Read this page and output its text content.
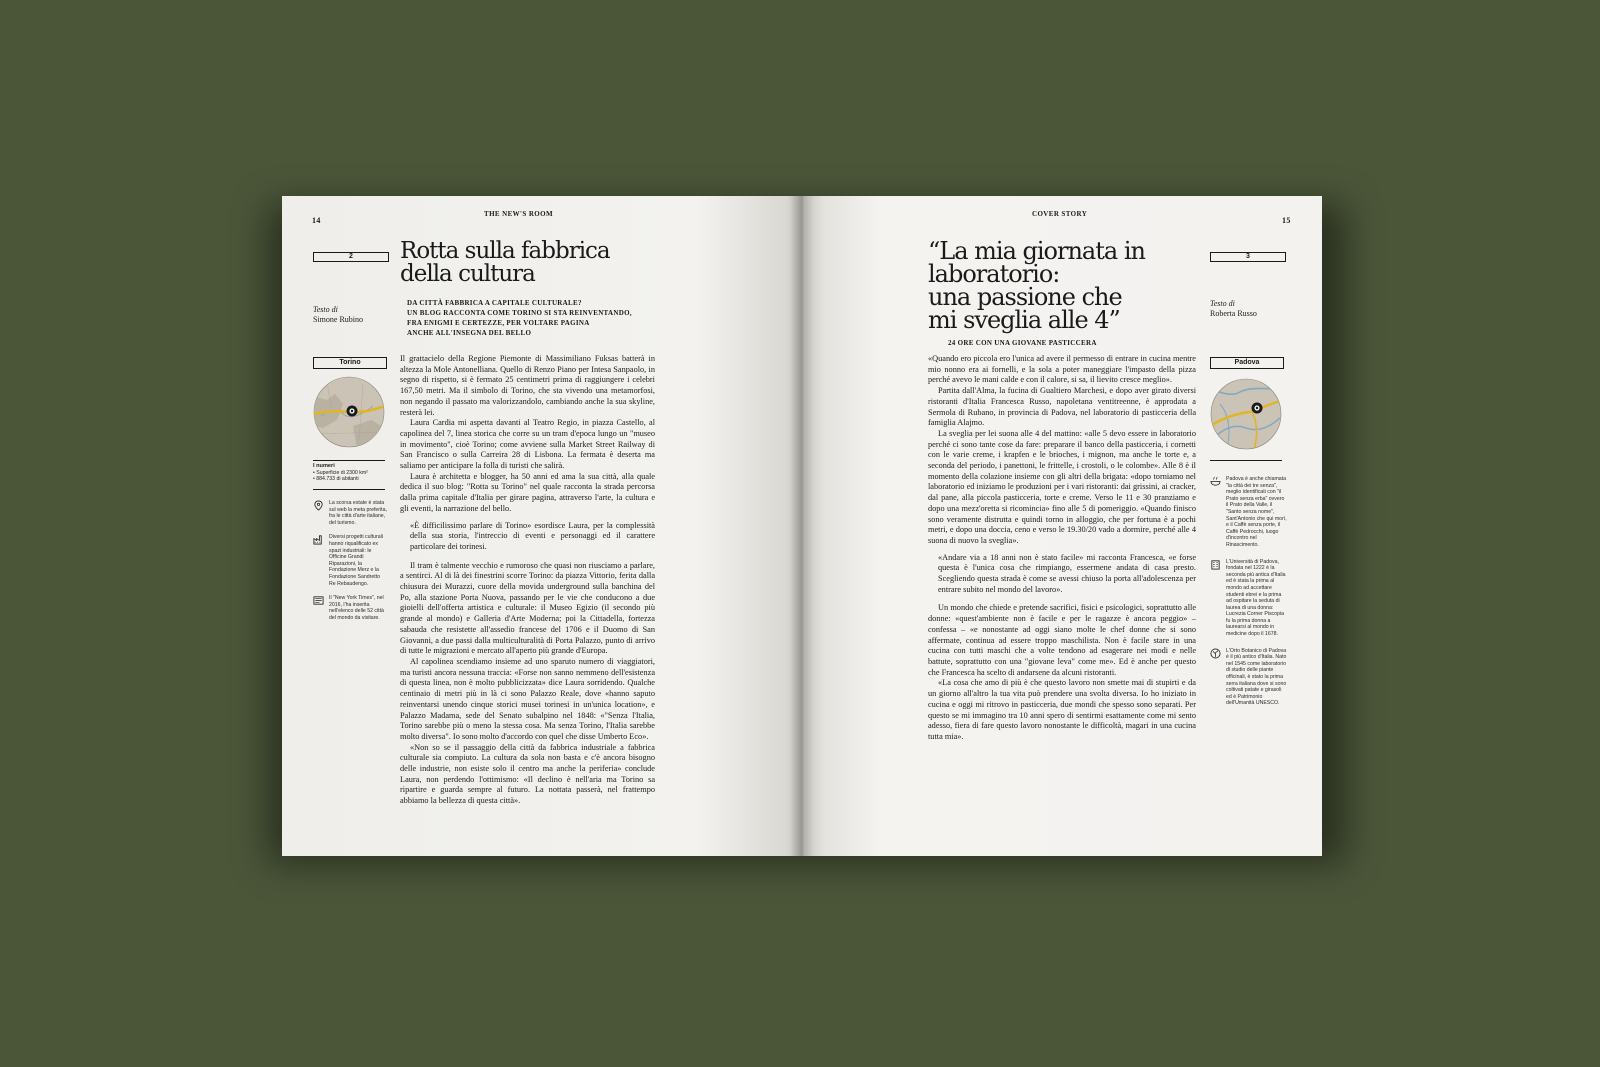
14
THE NEW'S ROOM
2	Rotta sulla fabbrica
della cultura
Testo di
Simone Rubino
DA CITTÀ FABBRICA A CAPITALE CULTURALE?
UN BLOG RACCONTA COME TORINO SI STA REINVENTANDO,
FRA ENIGMI E CERTEZZE, PER VOLTARE PAGINA
ANCHE ALL'INSEGNA DEL BELLO
Torino
I numeri
• Superficie di 2300 km²
• 884.733 di abitanti
La scorsa estate è stata sul web la meta preferita, fra le città d'arte italiane, del turismo.
Diversi progetti culturali hanno riqualificato ex spazi industriali: le Officine Grandi Riparazioni, la Fondazione Merz e la Fondazione Sandretto Re Rebaudengo.
Il "New York Times", nel 2016, l'ha inserita nell'elenco delle 52 città del mondo da visitare.

Il grattacielo della Regione Piemonte di Massimiliano Fuksas batterà in altezza la Mole Antonelliana. Quello di Renzo Piano per Intesa Sanpaolo, in segno di rispetto, si è fermato 25 centimetri prima di raggiungere i celebri 167,50 metri. Ma il simbolo di Torino, che sta vivendo una metamorfosi, non negando il passato ma valorizzandolo, cambiando anche la sua skyline, resterà lei.

Laura Cardia mi aspetta davanti al Teatro Regio, in piazza Castello, al capolinea del 7, linea storica che corre su un tram d'epoca lungo un "museo in movimento", cioè Torino; come avviene sulla Market Street Railway di San Francisco o sulla Carreira 28 di Lisbona. La fermata è deserta ma saliamo per anticipare la folla di turisti che salirà.

Laura è architetta e blogger, ha 50 anni ed ama la sua città, alla quale dedica il suo blog: "Rotta su Torino" nel quale racconta la strada percorsa dalla prima capitale d'Italia per girare pagina, attraverso l'arte, la cultura e gli eventi, la narrazione del bello.

«È difficilissimo parlare di Torino» esordisce Laura, per la complessità della sua storia, l'intreccio di eventi e personaggi ed il carattere particolare dei torinesi.

Il tram è talmente vecchio e rumoroso che quasi non riusciamo a parlare, a sentirci. Al di là dei finestrini scorre Torino: da piazza Vittorio, ferita dalla chiusura dei Murazzi, cuore della movida underground sulla banchina del Po, alla stazione Porta Nuova, passando per le vie che conducono a due gioielli dell'offerta artistica e culturale: il Museo Egizio (il secondo più grande al mondo) e Galleria d'Arte Moderna; poi la Cittadella, fortezza sabauda che resistette all'assedio francese del 1706 e il Duomo di San Giovanni, a due passi dalla multiculturalità di Porta Palazzo, punto di arrivo di tutte le migrazioni e mercato all'aperto più grande d'Europa.

Al capolinea scendiamo insieme ad uno sparuto numero di viaggiatori, ma turisti ancora nessuna traccia: «Forse non sanno nemmeno dell'esistenza di questa linea, non è molto pubblicizzata» dice Laura sorridendo. Qualche centinaio di metri più in là ci sono Palazzo Reale, dove «hanno saputo reinventarsi unendo cinque storici musei torinesi in un'unica location», e Palazzo Madama, sede del Senato subalpino nel 1848: «"Senza l'Italia, Torino sarebbe più o meno la stessa cosa. Ma senza Torino, l'Italia sarebbe molto diversa". Io sono molto d'accordo con quel che disse Umberto Eco».

«Non so se il passaggio della città da fabbrica industriale a fabbrica culturale sia compiuto. La cultura da sola non basta e c'è ancora bisogno delle industrie, non esiste solo il centro ma anche la periferia» conclude Laura, non perdendo l'ottimismo: «Il declino è nell'aria ma Torino sa ripartire e guarda sempre al futuro. La nottata passerà, nel frattempo abbiamo la bellezza di questa città».

COVER STORY
15
3
“La mia giornata in
laboratorio:
una passione che
mi sveglia alle 4”
24 ORE CON UNA GIOVANE PASTICCERA
Testo di
Roberta Russo
Padova
Padova è anche chiamata "la città dei tre senza", meglio identificati con "il Prato senza erba" ovvero il Prato della Valle, il "Santo senza nome", Sant'Antonio che qui morì, e il Caffè senza porte, il Caffè Pedrocchi, luogo d'incontro nel Rinascimento.
L'Università di Padova, fondata nel 1222 è la seconda più antica d'Italia ed è stata la prima al mondo ad accettare studenti ebrei e la prima ad ospitare la seduta di laurea di una donna: Lucrezia Corner Piscopia fu la prima donna a laurearsi al mondo in medicine dopo il 1678.
L'Orto Botanico di Padova è il più antico d'Italia. Nato nel 1545 come laboratorio di studio delle piante officinali, è stato la prima serra italiana dove si sono coltivati patate e girasoli ed è Patrimonio dell'Umanità UNESCO.

«Quando ero piccola ero l'unica ad avere il permesso di entrare in cucina mentre mio nonno era ai fornelli, e la sola a poter maneggiare l'impasto della pizza perché avevo le mani calde e con il calore, si sa, il lievito cresce meglio».

Partita dall'Alma, la fucina di Gualtiero Marchesi, e dopo aver girato diversi ristoranti d'Italia Francesca Russo, napoletana ventitreenne, è approdata a Sermola di Rubano, in provincia di Padova, nel laboratorio di pasticceria della famiglia Alajmo.

La sveglia per lei suona alle 4 del mattino: «alle 5 devo essere in laboratorio perché ci sono tante cose da fare: preparare il banco della pasticceria, i cornetti con le varie creme, i krapfen e le brioches, i mignon, ma anche le torte e, a seconda del periodo, i panettoni, le frittelle, i crostoli, o le colombe». Alle 8 è il momento della colazione insieme con gli altri della brigata: «dopo torniamo nel laboratorio ed iniziamo le produzioni per i vari ristoranti: dai grissini, ai cracker, dal pane, alla piccola pasticceria, torte e creme. Verso le 11 e 30 pranziamo e dopo una mezz'oretta si ricomincia» fino alle 5 di pomeriggio. «Quando finisco sono veramente distrutta e quindi torno in alloggio, che per fortuna è a pochi metri, e dopo una doccia, ceno e verso le 19.30/20 vado a dormire, perché alle 4 suona di nuovo la sveglia».

«Andare via a 18 anni non è stato facile» mi racconta Francesca, «e forse questa è l'unica cosa che rimpiango, essermene andata di casa presto. Scegliendo questa strada è come se avessi chiuso la porta all'adolescenza per entrare subito nel mondo del lavoro».

Un mondo che chiede e pretende sacrifici, fisici e psicologici, soprattutto alle donne: «quest'ambiente non è facile e per le ragazze è ancora peggio» – confessa – «e nonostante ad oggi siano molte le chef donne che si sono affermate, continua ad essere troppo maschilista. Non è facile stare in una cucina con tutti maschi che a volte tendono ad esagerare nei modi e nelle battute, soprattutto con una "giovane leva" come me». Ed è anche per questo che Francesca ha scelto di andarsene da alcuni ristoranti.

«La cosa che amo di più è che questo lavoro non smette mai di stupirti e da un giorno all'altro la tua vita può prendere una svolta diversa. Io ho iniziato in cucina e oggi mi ritrovo in pasticceria, due mondi che spesso sono separati. Per questo se mi immagino tra 10 anni spero di sentirmi esattamente come mi sento adesso, fiera di fare questo lavoro nonostante le difficoltà, magari in una cucina tutta mia».
